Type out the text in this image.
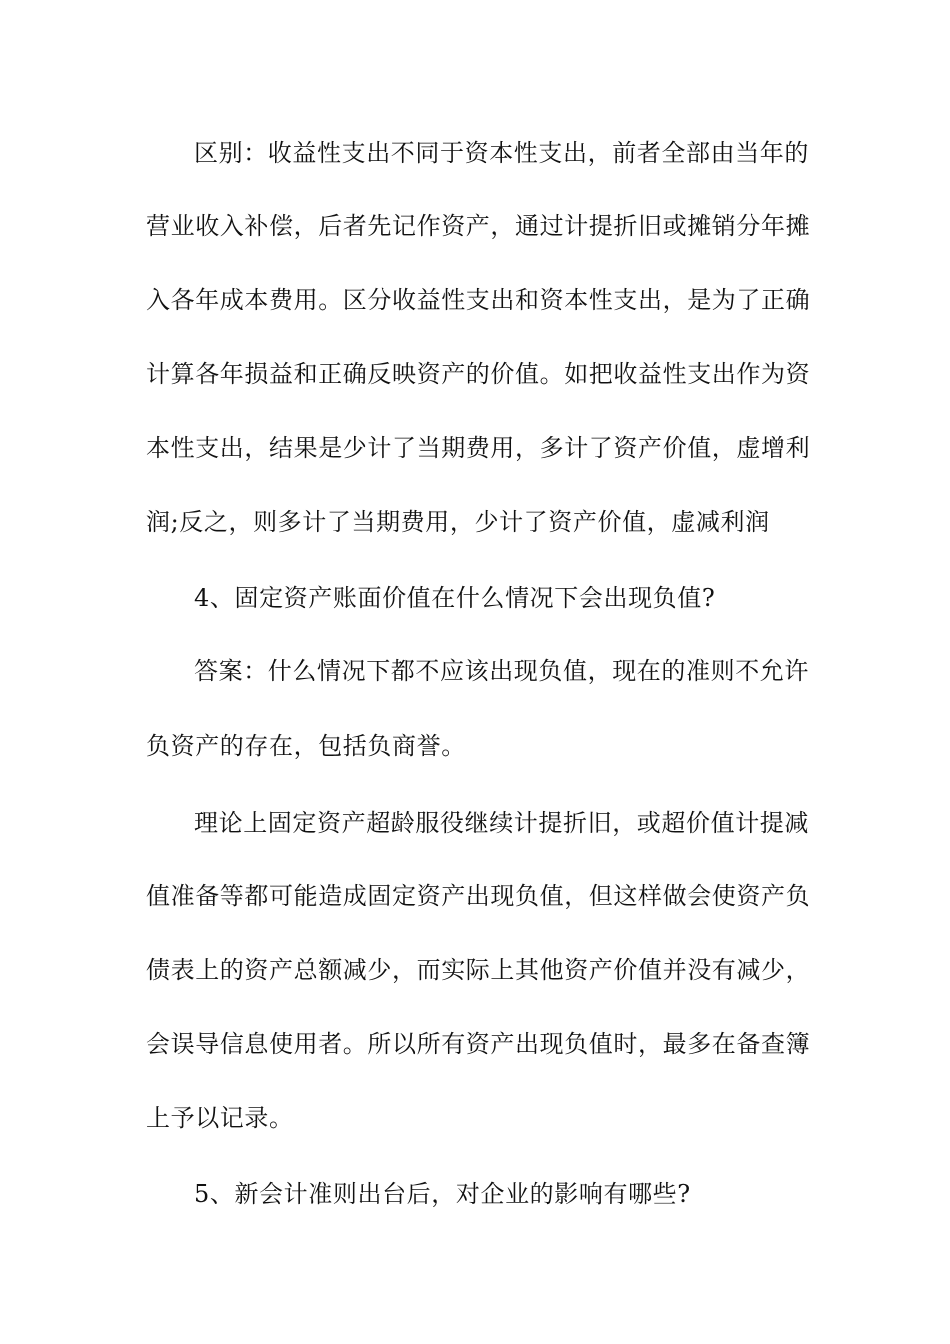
区别：收益性支出不同于资本性支出，前者全部由当年的
营业收入补偿，后者先记作资产，通过计提折旧或摊销分年摊
入各年成本费用。区分收益性支出和资本性支出，是为了正确
计算各年损益和正确反映资产的价值。如把收益性支出作为资
本性支出，结果是少计了当期费用，多计了资产价值，虚增利
润;反之，则多计了当期费用，少计了资产价值，虚减利润
4、固定资产账面价值在什么情况下会出现负值?
答案：什么情况下都不应该出现负值，现在的准则不允许
负资产的存在，包括负商誉。
理论上固定资产超龄服役继续计提折旧，或超价值计提减
值准备等都可能造成固定资产出现负值，但这样做会使资产负
债表上的资产总额减少，而实际上其他资产价值并没有减少，
会误导信息使用者。所以所有资产出现负值时，最多在备查簿
上予以记录。
5、新会计准则出台后，对企业的影响有哪些?
